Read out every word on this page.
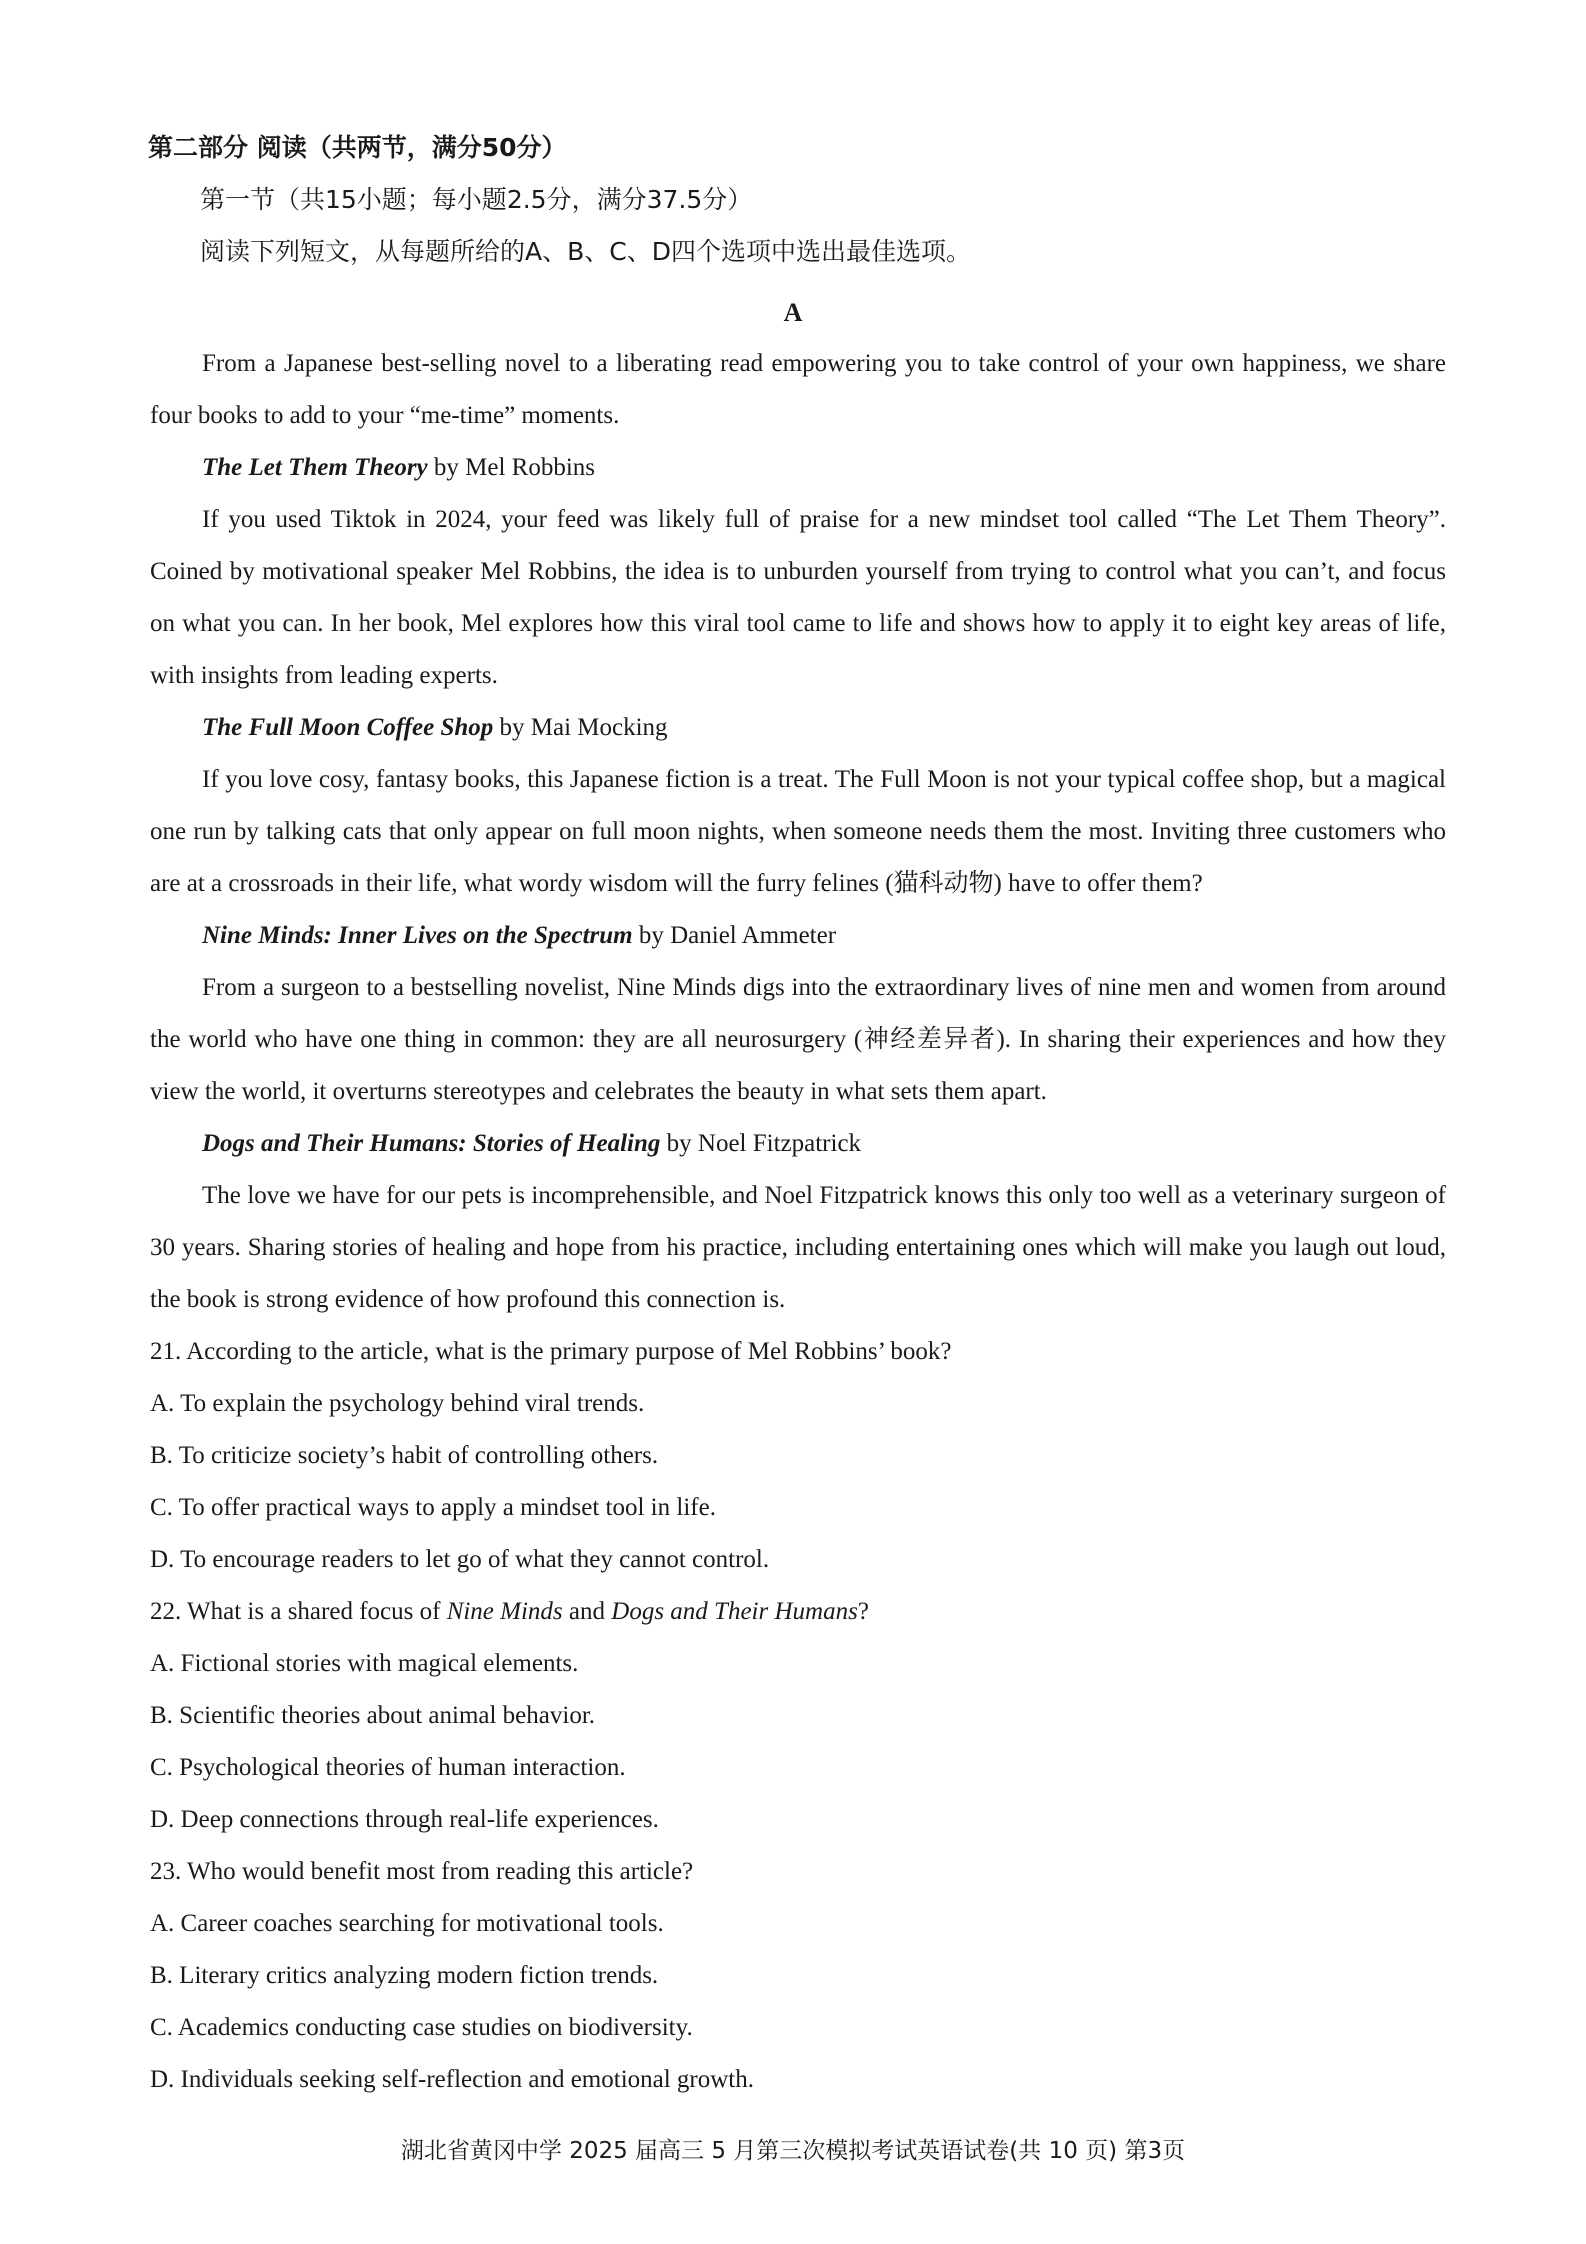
第二部分 阅读（共两节，满分50分）

第一节（共15小题；每小题2.5分，满分37.5分）

阅读下列短文，从每题所给的A、B、C、D四个选项中选出最佳选项。

A

From a Japanese best-selling novel to a liberating read empowering you to take control of your own happiness, we share four books to add to your “me-time” moments.

The Let Them Theory by Mel Robbins

If you used Tiktok in 2024, your feed was likely full of praise for a new mindset tool called “The Let Them Theory”. Coined by motivational speaker Mel Robbins, the idea is to unburden yourself from trying to control what you can’t, and focus on what you can. In her book, Mel explores how this viral tool came to life and shows how to apply it to eight key areas of life, with insights from leading experts.

The Full Moon Coffee Shop by Mai Mocking

If you love cosy, fantasy books, this Japanese fiction is a treat. The Full Moon is not your typical coffee shop, but a magical one run by talking cats that only appear on full moon nights, when someone needs them the most. Inviting three customers who are at a crossroads in their life, what wordy wisdom will the furry felines (猫科动物) have to offer them?

Nine Minds: Inner Lives on the Spectrum by Daniel Ammeter

From a surgeon to a bestselling novelist, Nine Minds digs into the extraordinary lives of nine men and women from around the world who have one thing in common: they are all neurosurgery (神经差异者). In sharing their experiences and how they view the world, it overturns stereotypes and celebrates the beauty in what sets them apart.

Dogs and Their Humans: Stories of Healing by Noel Fitzpatrick

The love we have for our pets is incomprehensible, and Noel Fitzpatrick knows this only too well as a veterinary surgeon of 30 years. Sharing stories of healing and hope from his practice, including entertaining ones which will make you laugh out loud, the book is strong evidence of how profound this connection is.

21. According to the article, what is the primary purpose of Mel Robbins’ book?

A. To explain the psychology behind viral trends.

B. To criticize society’s habit of controlling others.

C. To offer practical ways to apply a mindset tool in life.

D. To encourage readers to let go of what they cannot control.

22. What is a shared focus of Nine Minds and Dogs and Their Humans?

A. Fictional stories with magical elements.

B. Scientific theories about animal behavior.

C. Psychological theories of human interaction.

D. Deep connections through real-life experiences.

23. Who would benefit most from reading this article?

A. Career coaches searching for motivational tools.

B. Literary critics analyzing modern fiction trends.

C. Academics conducting case studies on biodiversity.

D. Individuals seeking self-reflection and emotional growth.

湖北省黄冈中学 2025 届高三 5 月第三次模拟考试英语试卷(共 10 页) 第3页
